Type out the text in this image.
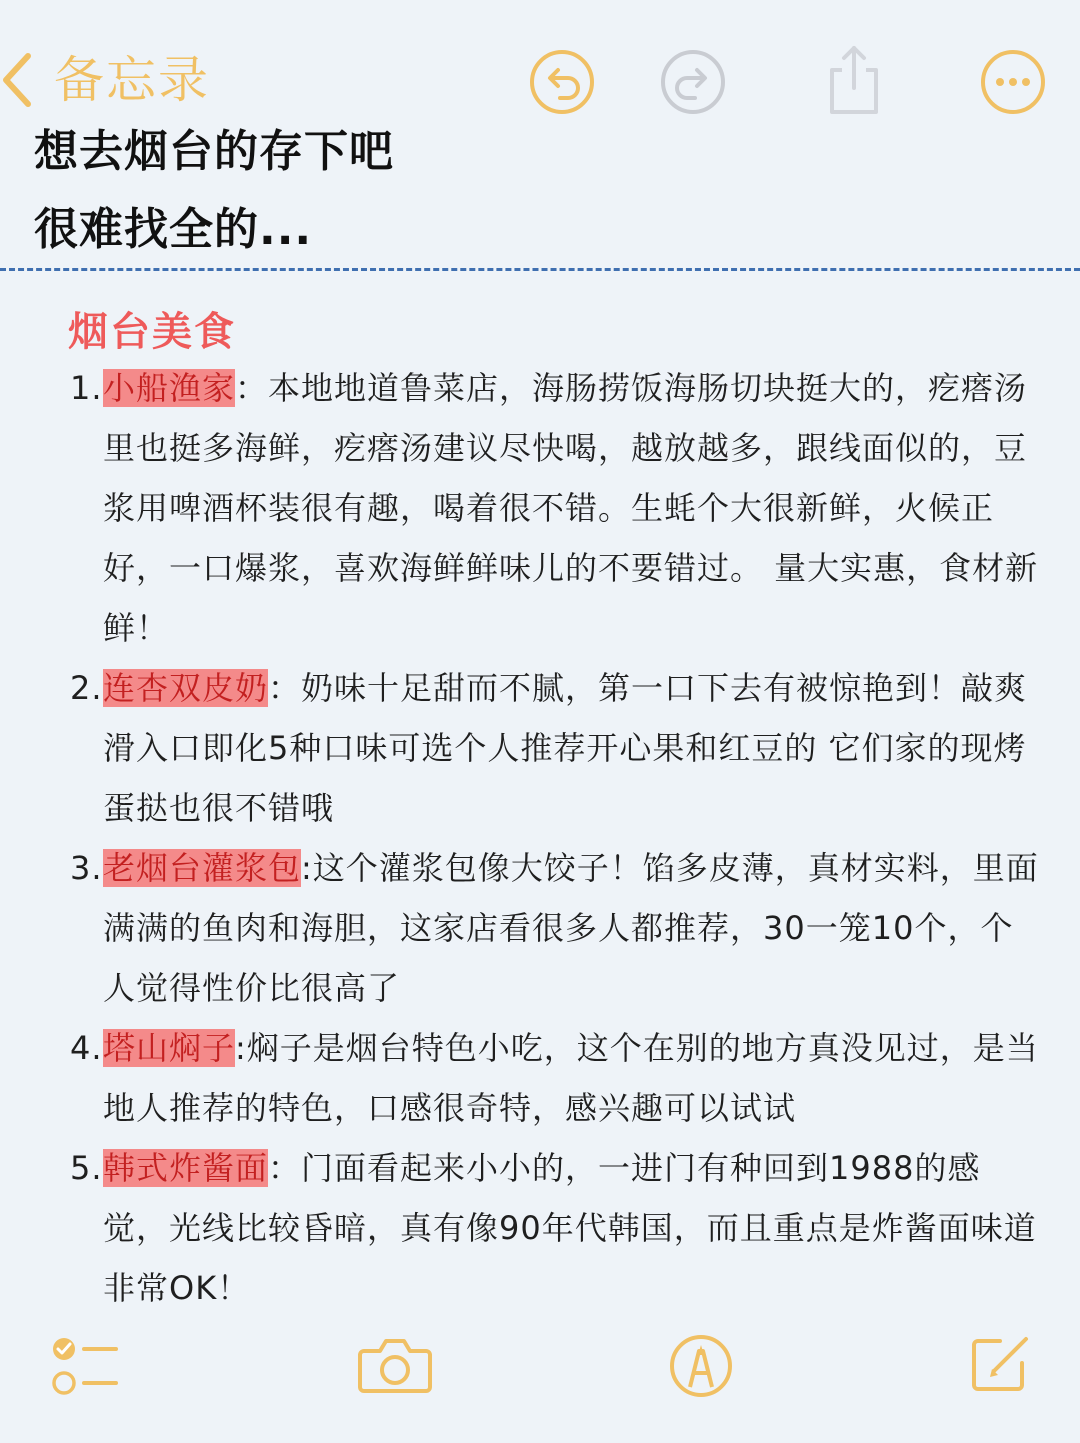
备忘录
想去烟台的存下吧
很难找全的...
烟台美食
1. 小船渔家：本地地道鲁菜店，海肠捞饭海肠切块挺大的，疙瘩汤里也挺多海鲜，疙瘩汤建议尽快喝，越放越多，跟线面似的，豆浆用啤酒杯装很有趣，喝着很不错。生蚝个大很新鲜，火候正好，一口爆浆，喜欢海鲜鲜味儿的不要错过。 量大实惠，食材新鲜！
2. 连杏双皮奶：奶味十足甜而不腻，第一口下去有被惊艳到！敲爽滑入口即化5种口味可选个人推荐开心果和红豆的 它们家的现烤蛋挞也很不错哦
3. 老烟台灌浆包:这个灌浆包像大饺子！馅多皮薄，真材实料，里面满满的鱼肉和海胆，这家店看很多人都推荐，30一笼10个，个人觉得性价比很高了
4. 塔山焖子:焖子是烟台特色小吃，这个在别的地方真没见过，是当地人推荐的特色，口感很奇特，感兴趣可以试试
5. 韩式炸酱面：门面看起来小小的，一进门有种回到1988的感觉，光线比较昏暗，真有像90年代韩国，而且重点是炸酱面味道非常OK！
